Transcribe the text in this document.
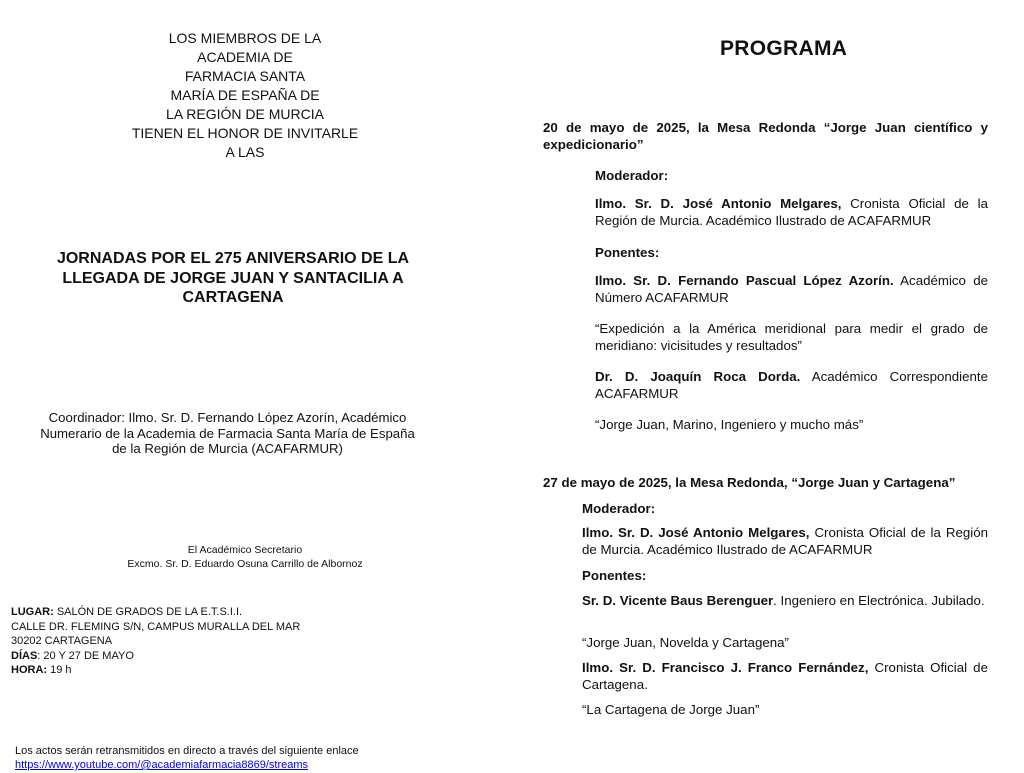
LOS MIEMBROS DE LA
ACADEMIA DE
FARMACIA SANTA
MARÍA DE ESPAÑA DE
LA REGIÓN DE MURCIA
TIENEN EL HONOR DE INVITARLE
A LAS
JORNADAS POR EL 275 ANIVERSARIO DE LA
LLEGADA DE JORGE JUAN Y SANTACILIA A
CARTAGENA
Coordinador: Ilmo. Sr. D. Fernando López Azorín, Académico
Numerario de la Academia de Farmacia Santa María de España
de la Región de Murcia (ACAFARMUR)
El Académico Secretario
Excmo. Sr. D. Eduardo Osuna Carrillo de Albornoz
LUGAR: SALÓN DE GRADOS DE LA E.T.S.I.I.
CALLE DR. FLEMING S/N, CAMPUS MURALLA DEL MAR
30202 CARTAGENA
DÍAS: 20 Y 27 DE MAYO
HORA: 19 h
Los actos serán retransmitidos en directo a través del siguiente enlace
https://www.youtube.com/@academiafarmacia8869/streams
PROGRAMA
20 de mayo de 2025, la Mesa Redonda “Jorge Juan científico y expedicionario”
Moderador:
Ilmo. Sr. D. José Antonio Melgares, Cronista Oficial de la Región de Murcia. Académico Ilustrado de ACAFARMUR
Ponentes:
Ilmo. Sr. D. Fernando Pascual López Azorín. Académico de Número ACAFARMUR
“Expedición a la América meridional para medir el grado de meridiano: vicisitudes y resultados”
Dr. D. Joaquín Roca Dorda. Académico Correspondiente ACAFARMUR
“Jorge Juan, Marino, Ingeniero y mucho más”
27 de mayo de 2025, la Mesa Redonda, “Jorge Juan y Cartagena”
Moderador:
Ilmo. Sr. D. José Antonio Melgares, Cronista Oficial de la Región de Murcia. Académico Ilustrado de ACAFARMUR
Ponentes:
Sr. D. Vicente Baus Berenguer. Ingeniero en Electrónica. Jubilado.
“Jorge Juan, Novelda y Cartagena”
Ilmo. Sr. D. Francisco J. Franco Fernández, Cronista Oficial de Cartagena.
“La Cartagena de Jorge Juan”
